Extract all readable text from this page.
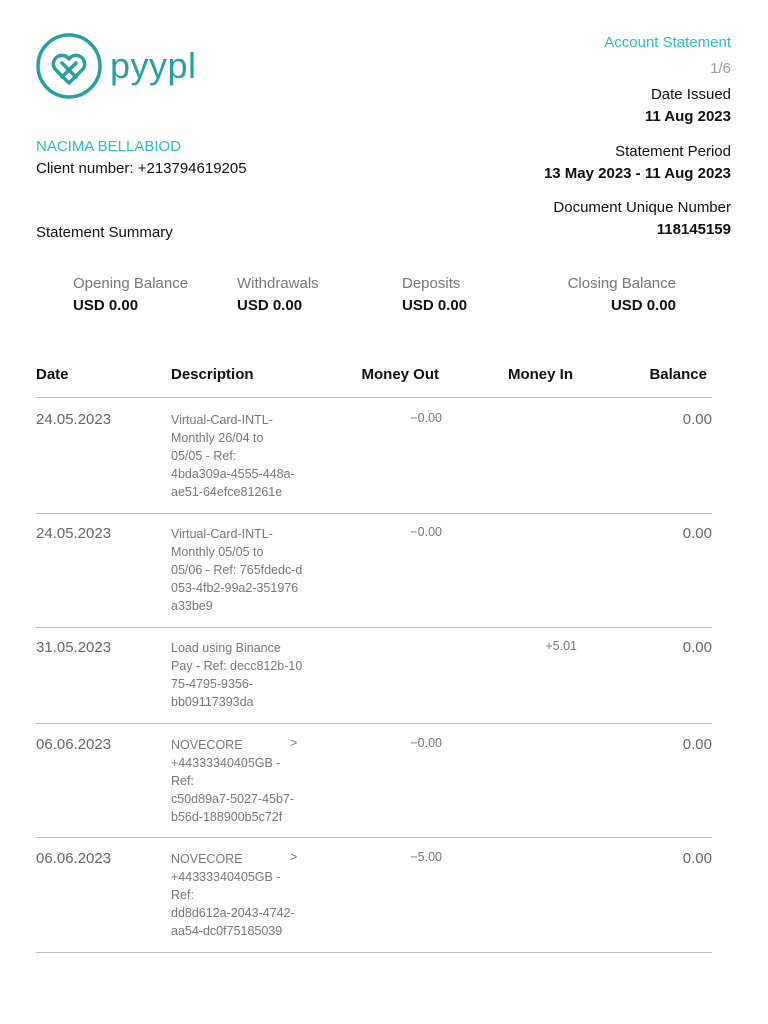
pyypl
Account Statement
1/6
Date Issued
11 Aug 2023
Statement Period
13 May 2023 - 11 Aug 2023
Document Unique Number
118145159
NACIMA BELLABIOD
Client number: +213794619205
Statement Summary
Opening Balance
USD 0.00
Withdrawals
USD 0.00
Deposits
USD 0.00
Closing Balance
USD 0.00
Date	Description	Money Out	Money In	Balance
24.05.2023	Virtual-Card-INTL-
Monthly 26/04 to
05/05 - Ref:
4bda309a-4555-448a-
ae51-64efce81261e
−0.00	0.00
24.05.2023	Virtual-Card-INTL-
Monthly 05/05 to
05/06 - Ref: 765fdedc-d
053-4fb2-99a2-351976
a33be9
−0.00	0.00
31.05.2023	Load using Binance
Pay - Ref: decc812b-10
75-4795-9356-
bb09117393da
+5.01	0.00
06.06.2023	NOVECORE
+44333340405GB -
Ref:
c50d89a7-5027-45b7-
b56d-188900b5c72f
>	−0.00	0.00
06.06.2023	NOVECORE
+44333340405GB -
Ref:
dd8d612a-2043-4742-
aa54-dc0f75185039
>	−5.00	0.00
